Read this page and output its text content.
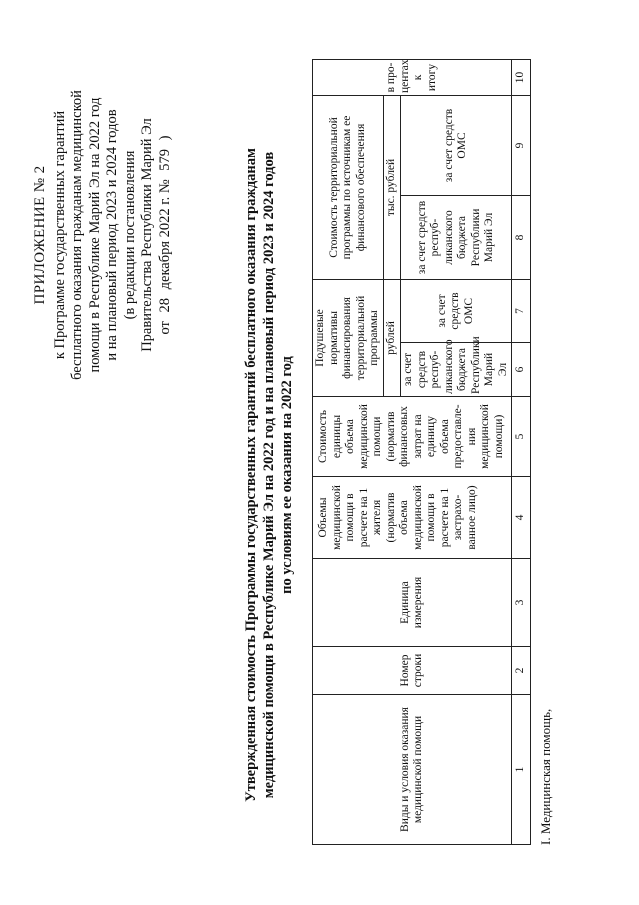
ПРИЛОЖЕНИЕ № 2 к Программе государственных гарантий бесплатного оказания гражданам медицинской помощи в Республике Марий Эл на 2022 год и на плановый период 2023 и 2024 годов (в редакции постановления Правительства Республики Марий Эл от 28 декабря 2022 г. № 579 )
Утвержденная стоимость Программы государственных гарантий бесплатного оказания гражданам медицинской помощи в Республике Марий Эл на 2022 год и на плановый период 2023 и 2024 годов по условиям ее оказания на 2022 год
Виды и условия оказания медицинской помощи	Номер строки	Единица измерения	Объемы медицинской помощи в расчете на 1 жителя (норматив объема медицинской помощи в расчете на 1 застрахо-ванное лицо)	Стоимость единицы объема медицинской помощи (норматив финансовых затрат на единицу объема предоставле-ния медицинской помощи)	Подушевые нормативы финансирования территориальной программы		Стоимость территориальной программы по источникам ее финансового обеспечения		в про-центах к итогу
					рублей		тыс. рублей		
					за счет средств респуб-ликанского бюджета Республики Марий Эл	за счет средств ОМС	за счет средств респуб-ликанского бюджета Республики Марий Эл	за счет средств ОМС	
1	2	3	4	5	6	7	8	9	10
I. Медицинская помощь,
